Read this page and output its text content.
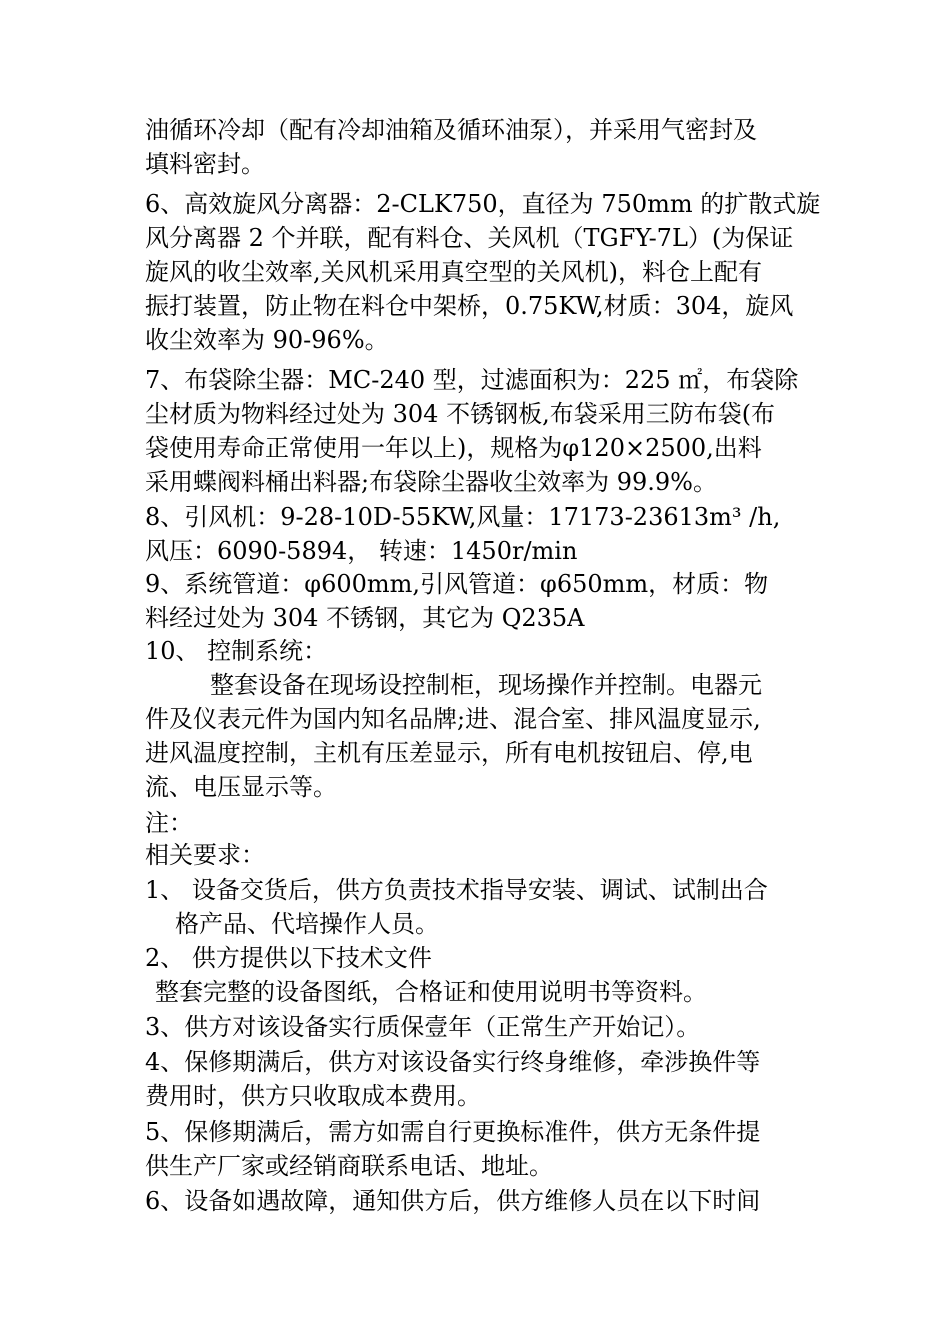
油循环冷却（配有冷却油箱及循环油泵），并采用气密封及
填料密封。
6、高效旋风分离器：2-CLK750，直径为 750mm 的扩散式旋
风分离器 2 个并联，配有料仓、关风机（TGFY-7L）(为保证
旋风的收尘效率,关风机采用真空型的关风机)，料仓上配有
振打装置，防止物在料仓中架桥，0.75KW,材质：304，旋风
收尘效率为 90-96%。
7、布袋除尘器：MC-240 型，过滤面积为：225 ㎡，布袋除
尘材质为物料经过处为 304 不锈钢板,布袋采用三防布袋(布
袋使用寿命正常使用一年以上)，规格为φ120×2500,出料
采用蝶阀料桶出料器;布袋除尘器收尘效率为 99.9%。
8、引风机：9-28-10D-55KW,风量：17173-23613m³ /h,
风压：6090-5894， 转速：1450r/min
9、系统管道：φ600mm,引风管道：φ650mm，材质：物
料经过处为 304 不锈钢，其它为 Q235A
10、 控制系统：
整套设备在现场设控制柜，现场操作并控制。电器元
件及仪表元件为国内知名品牌;进、混合室、排风温度显示,
进风温度控制，主机有压差显示，所有电机按钮启、停,电
流、电压显示等。
注：
相关要求：
1、 设备交货后，供方负责技术指导安装、调试、试制出合
格产品、代培操作人员。
2、 供方提供以下技术文件
整套完整的设备图纸，合格证和使用说明书等资料。
3、供方对该设备实行质保壹年（正常生产开始记）。
4、保修期满后，供方对该设备实行终身维修，牵涉换件等
费用时，供方只收取成本费用。
5、保修期满后，需方如需自行更换标准件，供方无条件提
供生产厂家或经销商联系电话、地址。
6、设备如遇故障，通知供方后，供方维修人员在以下时间
